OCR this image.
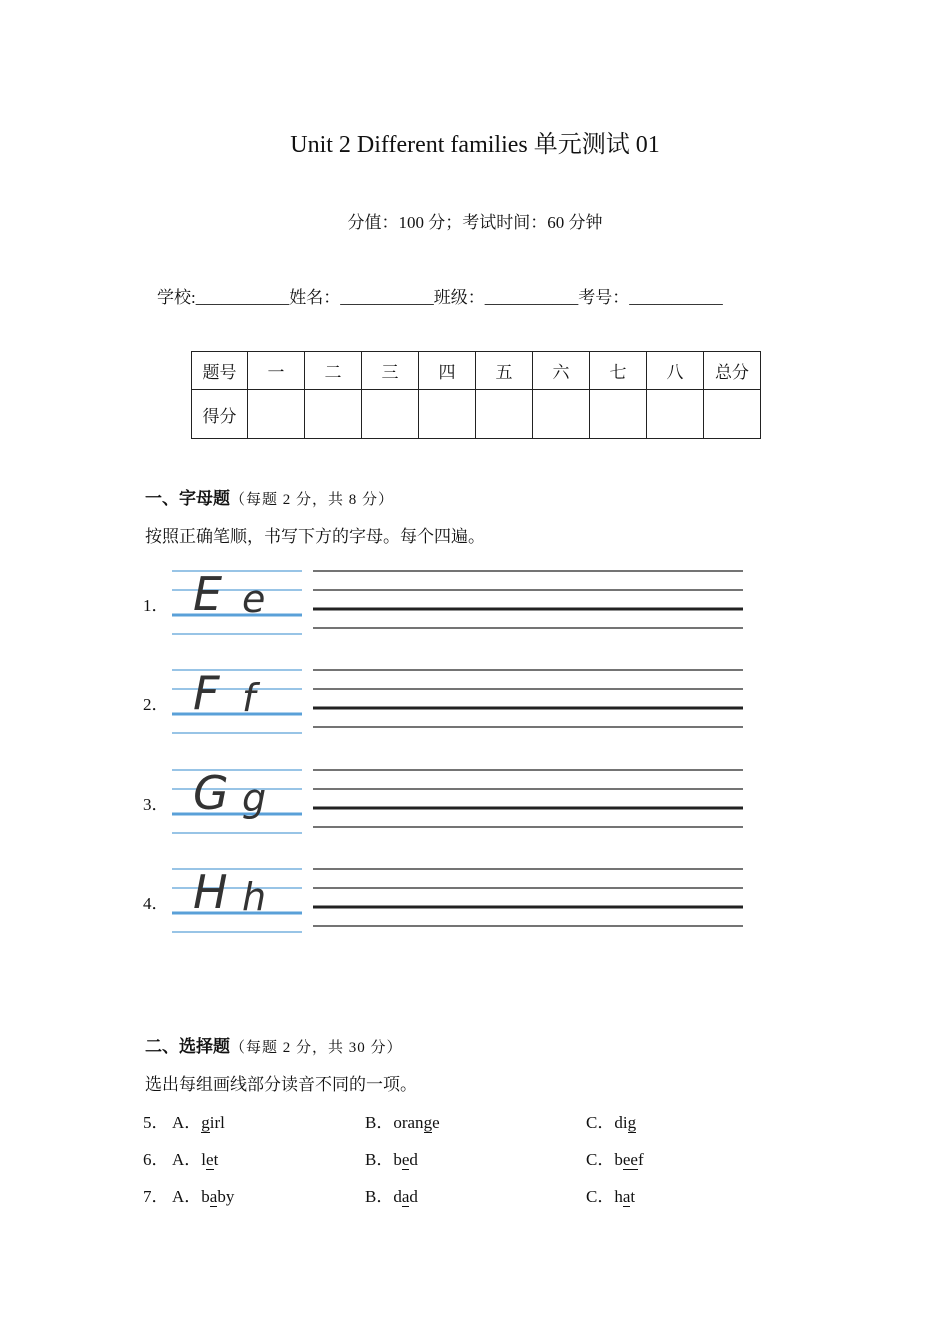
Unit 2 Different families 单元测试 01
分值：100 分；考试时间：60 分钟
学校:___________姓名：___________班级：___________考号：___________
题号	一	二	三	四	五	六	七	八	总分
得分									
一、字母题（每题 2 分，共 8 分）
按照正确笔顺，书写下方的字母。每个四遍。
1． E e
2． F f
3． G g
4． H h
二、选择题（每题 2 分，共 30 分）
选出每组画线部分读音不同的一项。
5． A．girl	B．orange	C．dig
6． A．let	B．bed	C．beef
7． A．baby	B．dad	C．hat
